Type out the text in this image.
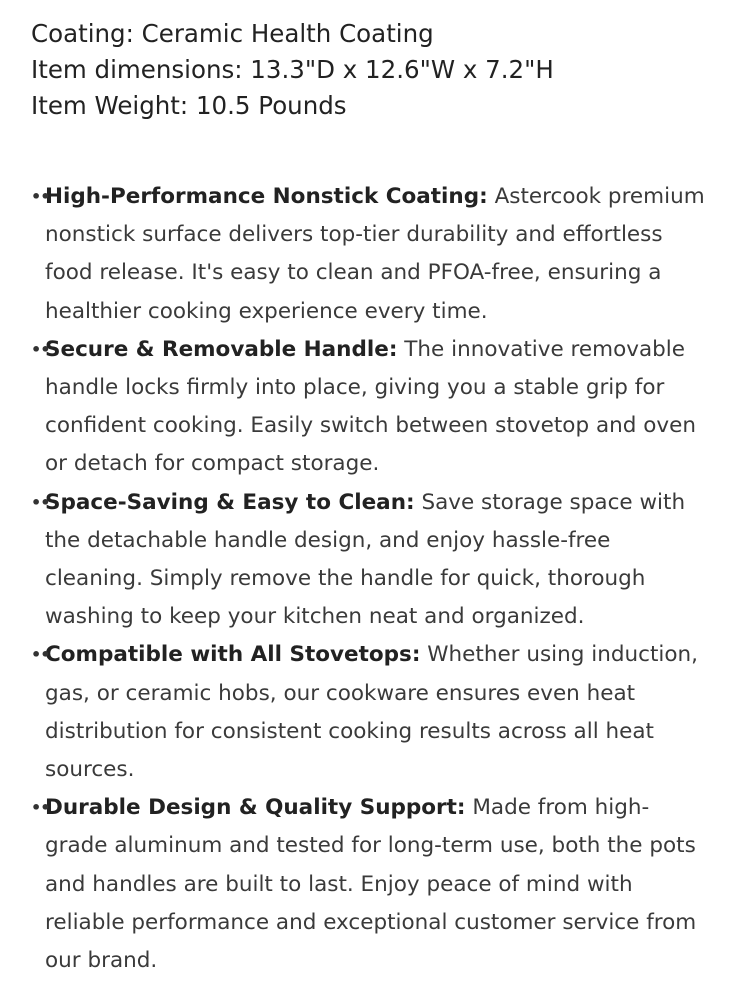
Coating: Ceramic Health Coating
Item dimensions: 13.3"D x 12.6"W x 7.2"H
Item Weight: 10.5 Pounds
••
High-Performance Nonstick Coating: Astercook premium nonstick surface delivers top-tier durability and effortless food release. It's easy to clean and PFOA-free, ensuring a healthier cooking experience every time.
••
Secure & Removable Handle: The innovative removable handle locks firmly into place, giving you a stable grip for confident cooking. Easily switch between stovetop and oven or detach for compact storage.
••
Space-Saving & Easy to Clean: Save storage space with the detachable handle design, and enjoy hassle-free cleaning. Simply remove the handle for quick, thorough washing to keep your kitchen neat and organized.
••
Compatible with All Stovetops: Whether using induction, gas, or ceramic hobs, our cookware ensures even heat distribution for consistent cooking results across all heat sources.
••
Durable Design & Quality Support: Made from high-grade aluminum and tested for long-term use, both the pots and handles are built to last. Enjoy peace of mind with reliable performance and exceptional customer service from our brand.
